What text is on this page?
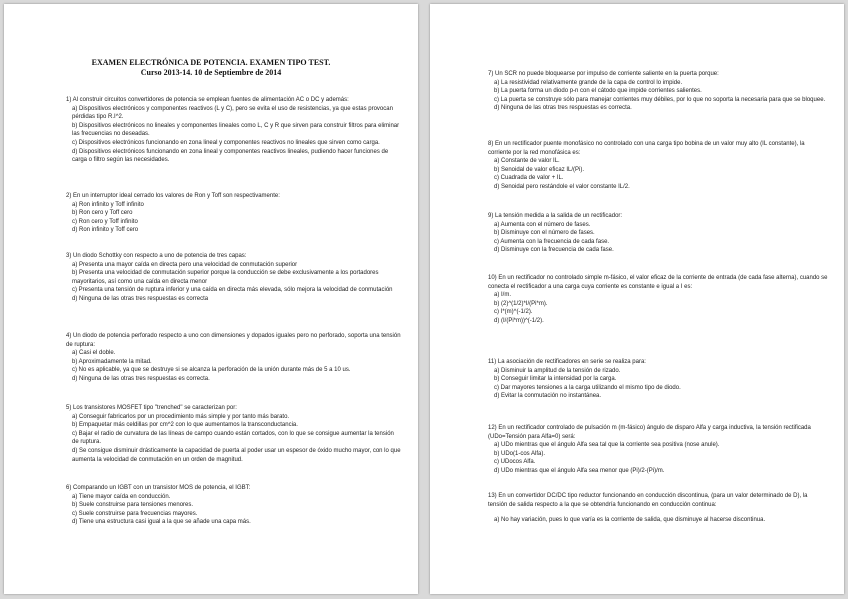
EXAMEN ELECTRÓNICA DE POTENCIA. EXAMEN TIPO TEST.
Curso 2013-14. 10 de Septiembre de 2014
1) Al construir circuitos convertidores de potencia se emplean fuentes de alimentación AC o DC y además:
a) Dispositivos electrónicos y componentes reactivos (L y C), pero se evita el uso de resistencias, ya que estas provocan pérdidas tipo R.I^2.
b) Dispositivos electrónicos no lineales y componentes lineales como L, C y R que sirven para construir filtros para eliminar las frecuencias no deseadas.
c) Dispositivos electrónicos funcionando en zona lineal y componentes reactivos no lineales que sirven como carga.
d) Dispositivos electrónicos funcionando en zona lineal y componentes reactivos lineales, pudiendo hacer funciones de carga o filtro según las necesidades.
2) En un interruptor ideal cerrado los valores de Ron y Toff son respectivamente:
a) Ron infinito y Toff infinito
b) Ron cero y Toff cero
c) Ron cero y Toff infinito
d) Ron infinito y Toff cero
3) Un diodo Schottky con respecto a uno de potencia de tres capas:
a) Presenta una mayor caída en directa pero una velocidad de conmutación superior
b) Presenta una velocidad de conmutación superior porque la conducción se debe exclusivamente a los portadores mayoritarios, así como una caída en directa menor
c) Presenta una tensión de ruptura inferior y una caída en directa más elevada, sólo mejora la velocidad de conmutación
d) Ninguna de las otras tres respuestas es correcta
4) Un diodo de potencia perforado respecto a uno con dimensiones y dopados iguales pero no perforado, soporta una tensión de ruptura:
a) Casi el doble.
b) Aproximadamente la mitad.
c) No es aplicable, ya que se destruye si se alcanza la perforación de la unión durante más de 5 a 10 us.
d) Ninguna de las otras tres respuestas es correcta.
5) Los transistores MOSFET tipo "trenched" se caracterizan por:
a) Conseguir fabricarlos por un procedimiento más simple y por tanto más barato.
b) Empaquetar más celdillas por cm^2 con lo que aumentamos la transconductancia.
c) Bajar el radio de curvatura de las líneas de campo cuando están cortados, con lo que se consigue aumentar la tensión de ruptura.
d) Se consigue disminuir drásticamente la capacidad de puerta al poder usar un espesor de óxido mucho mayor, con lo que aumenta la velocidad de conmutación en un orden de magnitud.
6) Comparando un IGBT con un transistor MOS de potencia, el IGBT:
a) Tiene mayor caída en conducción.
b) Suele construirse para tensiones menores.
c) Suele construirse para frecuencias mayores.
d) Tiene una estructura casi igual a la que se añade una capa más.
7) Un SCR no puede bloquearse por impulso de corriente saliente en la puerta porque:
a) La resistividad relativamente grande de la capa de control lo impide.
b) La puerta forma un diodo p-n con el cátodo que impide corrientes salientes.
c) La puerta se construye sólo para manejar corrientes muy débiles, por lo que no soporta la necesaria para que se bloquee.
d) Ninguna de las otras tres respuestas es correcta.
8) En un rectificador puente monofásico no controlado con una carga tipo bobina de un valor muy alto (IL constante), la corriente por la red monofásica es:
a) Constante de valor IL.
b) Senoidal de valor eficaz IL/(Pi).
c) Cuadrada de valor + IL.
d) Senoidal pero restándole el valor constante IL/2.
9) La tensión medida a la salida de un rectificador:
a) Aumenta con el número de fases.
b) Disminuye con el número de fases.
c) Aumenta con la frecuencia de cada fase.
d) Disminuye con la frecuencia de cada fase.
10) En un rectificador no controlado simple m-fásico, el valor eficaz de la corriente de entrada (de cada fase alterna), cuando se conecta el rectificador a una carga cuya corriente es constante e igual a I es:
a) I/m.
b) (2)^(1/2)*I/(Pi*m).
c) I*(m)^(-1/2).
d) (I/(Pi*m))^(-1/2).
11) La asociación de rectificadores en serie se realiza para:
a) Disminuir la amplitud de la tensión de rizado.
b) Conseguir limitar la intensidad por la carga.
c) Dar mayores tensiones a la carga utilizando el mismo tipo de diodo.
d) Evitar la conmutación no instantánea.
12) En un rectificador controlado de pulsación m (m-fásico) ángulo de disparo Alfa y carga inductiva, la tensión rectificada (UDo=Tensión para Alfa=0) será:
a) UDo mientras que el ángulo Alfa sea tal que la corriente sea positiva (nose anule).
b) UDo(1-cos Alfa).
c) UDocos Alfa.
d) UDo mientras que el ángulo Alfa sea menor que (Pi)/2-(Pi)/m.
13) En un convertidor DC/DC tipo reductor funcionando en conducción discontinua, (para un valor determinado de D), la tensión de salida respecto a la que se obtendría funcionando en conducción continua:
a) No hay variación, pues lo que varía es la corriente de salida, que disminuye al hacerse discontinua.
